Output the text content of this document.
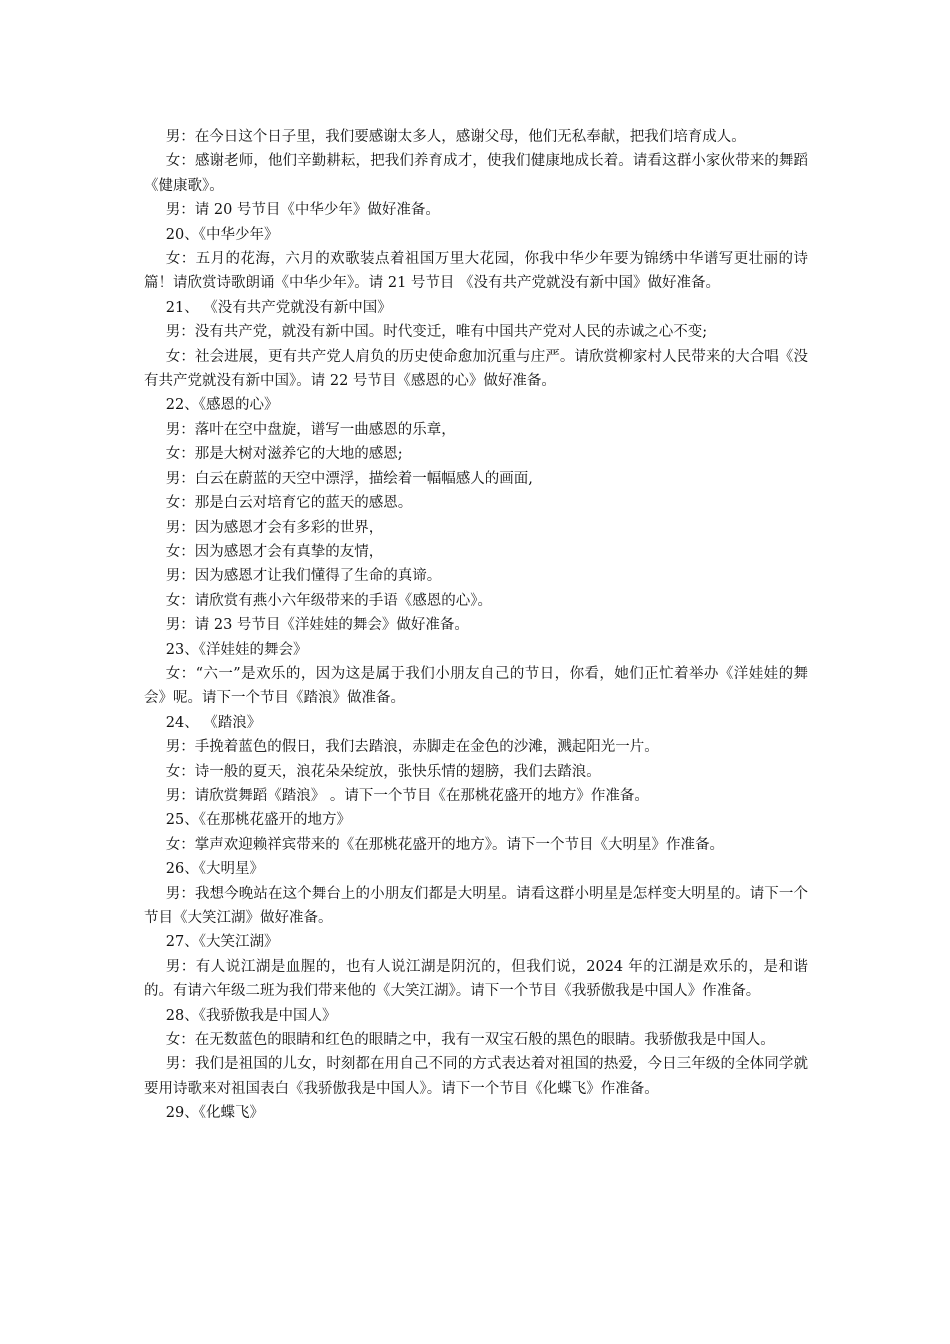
男：在今日这个日子里，我们要感谢太多人，感谢父母，他们无私奉献，把我们培育成人。

女：感谢老师，他们辛勤耕耘，把我们养育成才，使我们健康地成长着。请看这群小家伙带来的舞蹈《健康歌》。

男：请 20 号节目《中华少年》做好准备。

20、《中华少年》

女：五月的花海，六月的欢歌装点着祖国万里大花园，你我中华少年要为锦绣中华谱写更壮丽的诗篇！请欣赏诗歌朗诵《中华少年》。请 21 号节目 《没有共产党就没有新中国》做好准备。

21、 《没有共产党就没有新中国》

男：没有共产党，就没有新中国。时代变迁，唯有中国共产党对人民的赤诚之心不变;

女：社会进展，更有共产党人肩负的历史使命愈加沉重与庄严。请欣赏柳家村人民带来的大合唱《没有共产党就没有新中国》。请 22 号节目《感恩的心》做好准备。

22、《感恩的心》

男：落叶在空中盘旋，谱写一曲感恩的乐章，

女：那是大树对滋养它的大地的感恩;

男：白云在蔚蓝的天空中漂浮，描绘着一幅幅感人的画面,

女：那是白云对培育它的蓝天的感恩。

男：因为感恩才会有多彩的世界，

女：因为感恩才会有真挚的友情，

男：因为感恩才让我们懂得了生命的真谛。

女：请欣赏有燕小六年级带来的手语《感恩的心》。

男：请 23 号节目《洋娃娃的舞会》做好准备。

23、《洋娃娃的舞会》

女：“六一”是欢乐的，因为这是属于我们小朋友自己的节日，你看，她们正忙着举办《洋娃娃的舞会》呢。请下一个节目《踏浪》做准备。

24、 《踏浪》

男：手挽着蓝色的假日，我们去踏浪，赤脚走在金色的沙滩，溅起阳光一片。

女：诗一般的夏天，浪花朵朵绽放，张快乐情的翅膀，我们去踏浪。

男：请欣赏舞蹈《踏浪》 。请下一个节目《在那桃花盛开的地方》作准备。

25、《在那桃花盛开的地方》

女：掌声欢迎赖祥宾带来的《在那桃花盛开的地方》。请下一个节目《大明星》作准备。

26、《大明星》

男：我想今晚站在这个舞台上的小朋友们都是大明星。请看这群小明星是怎样变大明星的。请下一个节目《大笑江湖》做好准备。

27、《大笑江湖》

男：有人说江湖是血腥的，也有人说江湖是阴沉的，但我们说，2024 年的江湖是欢乐的，是和谐的。有请六年级二班为我们带来他的《大笑江湖》。请下一个节目《我骄傲我是中国人》作准备。

28、《我骄傲我是中国人》

女：在无数蓝色的眼睛和红色的眼睛之中，我有一双宝石般的黑色的眼睛。我骄傲我是中国人。

男：我们是祖国的儿女，时刻都在用自己不同的方式表达着对祖国的热爱，今日三年级的全体同学就要用诗歌来对祖国表白《我骄傲我是中国人》。请下一个节目《化蝶飞》作准备。

29、《化蝶飞》
